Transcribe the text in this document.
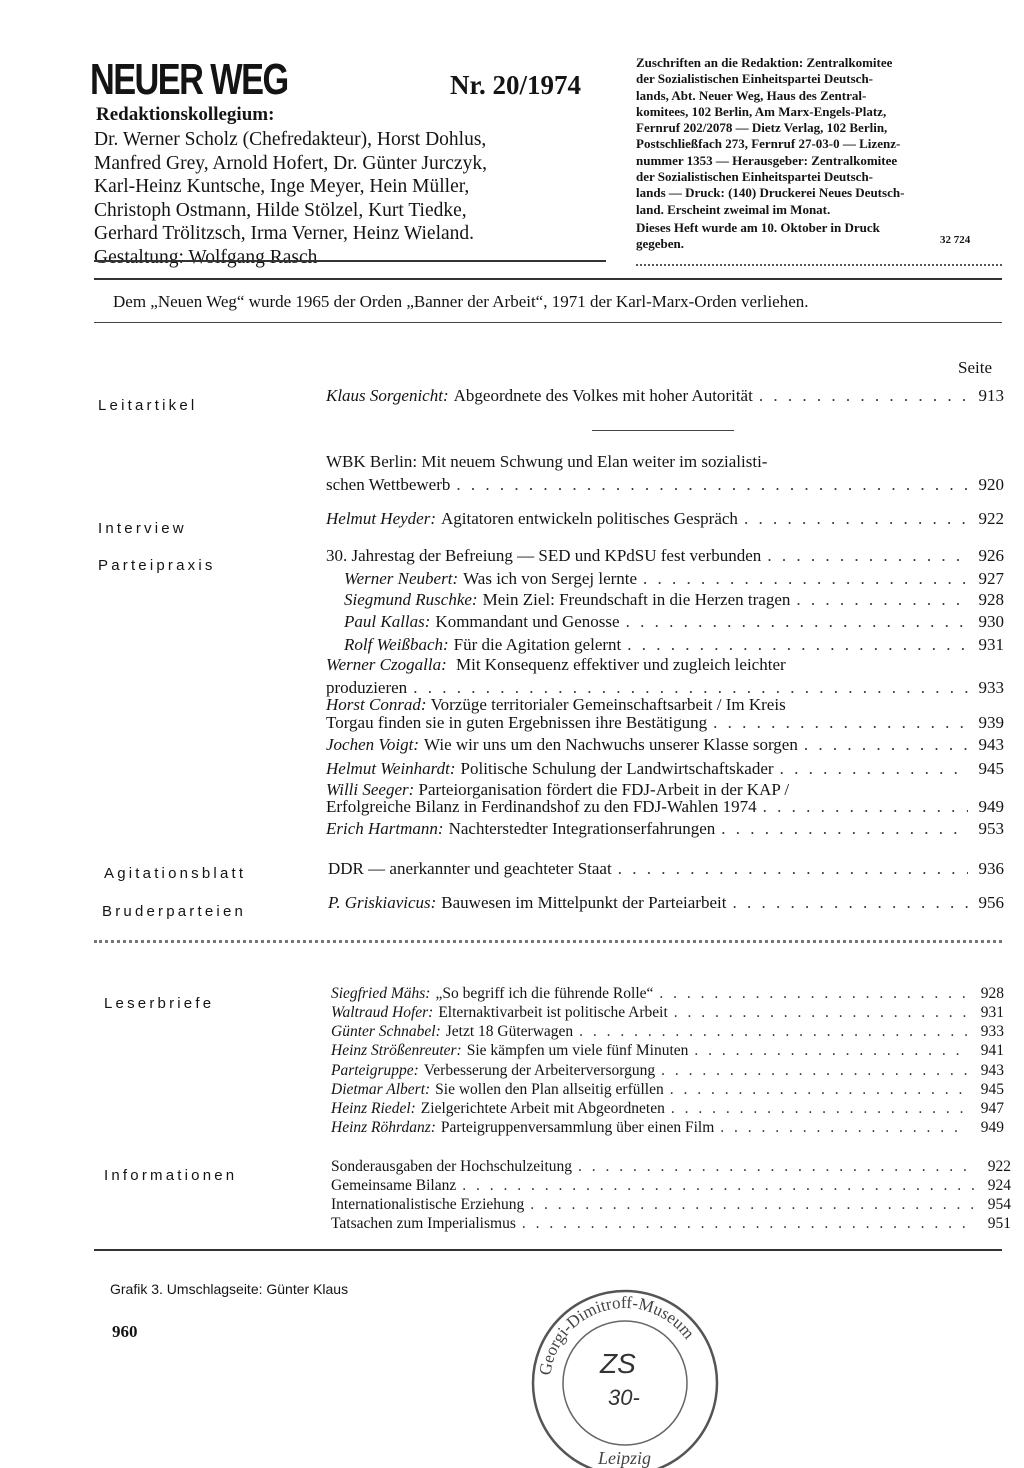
NEUER WEG	Nr. 20/1974
Redaktionskollegium:
Dr. Werner Scholz (Chefredakteur), Horst Dohlus,
Manfred Grey, Arnold Hofert, Dr. Günter Jurczyk,
Karl-Heinz Kuntsche, Inge Meyer, Hein Müller,
Christoph Ostmann, Hilde Stölzel, Kurt Tiedke,
Gerhard Trölitzsch, Irma Verner, Heinz Wieland.
Gestaltung: Wolfgang Rasch
Zuschriften an die Redaktion: Zentralkomitee
der Sozialistischen Einheitspartei Deutsch-
lands, Abt. Neuer Weg, Haus des Zentral-
komitees, 102 Berlin, Am Marx-Engels-Platz,
Fernruf 202/2078 — Dietz Verlag, 102 Berlin,
Postschließfach 273, Fernruf 27-03-0 — Lizenz-
nummer 1353 — Herausgeber: Zentralkomitee
der Sozialistischen Einheitspartei Deutsch-
lands — Druck: (140) Druckerei Neues Deutsch-
land. Erscheint zweimal im Monat.
Dieses Heft wurde am 10. Oktober in Druck
gegeben.	32 724
Dem „Neuen Weg“ wurde 1965 der Orden „Banner der Arbeit“, 1971 der Karl-Marx-Orden verliehen.
Seite
Leitartikel
Klaus Sorgenicht: Abgeordnete des Volkes mit hoher Autorität . . .	913
WBK Berlin: Mit neuem Schwung und Elan weiter im sozialisti-
schen Wettbewerb . . .	920
Interview
Helmut Heyder: Agitatoren entwickeln politisches Gespräch . . .	922
Parteipraxis
30. Jahrestag der Befreiung — SED und KPdSU fest verbunden . . .	926
Werner Neubert: Was ich von Sergej lernte . . .	927
Siegmund Ruschke: Mein Ziel: Freundschaft in die Herzen tragen . . .	928
Paul Kallas: Kommandant und Genosse . . .	930
Rolf Weißbach: Für die Agitation gelernt . . .	931
Werner Czogalla: Mit Konsequenz effektiver und zugleich leichter
produzieren . . .	933
Horst Conrad: Vorzüge territorialer Gemeinschaftsarbeit / Im Kreis
Torgau finden sie in guten Ergebnissen ihre Bestätigung . . .	939
Jochen Voigt: Wie wir uns um den Nachwuchs unserer Klasse sorgen . . .	943
Helmut Weinhardt: Politische Schulung der Landwirtschaftskader . . .	945
Willi Seeger: Parteiorganisation fördert die FDJ-Arbeit in der KAP /
Erfolgreiche Bilanz in Ferdinandshof zu den FDJ-Wahlen 1974 . . .	949
Erich Hartmann: Nachterstedter Integrationserfahrungen . . .	953
Agitationsblatt	DDR — anerkannter und geachteter Staat . . .	936
Bruderparteien	P. Griskiavicus: Bauwesen im Mittelpunkt der Parteiarbeit . . .	956
Leserbriefe
Siegfried Mähs: „So begriff ich die führende Rolle“ . . .	928
Waltraud Hofer: Elternaktivarbeit ist politische Arbeit . . .	931
Günter Schnabel: Jetzt 18 Güterwagen . . .	933
Heinz Strößenreuter: Sie kämpfen um viele fünf Minuten . . .	941
Parteigruppe: Verbesserung der Arbeiterversorgung . . .	943
Dietmar Albert: Sie wollen den Plan allseitig erfüllen . . .	945
Heinz Riedel: Zielgerichtete Arbeit mit Abgeordneten . . .	947
Heinz Röhrdanz: Parteigruppenversammlung über einen Film . . .	949
Informationen
Sonderausgaben der Hochschulzeitung . . .	922
Gemeinsame Bilanz . . .	924
Internationalistische Erziehung . . .	954
Tatsachen zum Imperialismus . . .	951
Grafik 3. Umschlagseite: Günter Klaus
960
Georgi-Dimitroff-Museum
ZS
30-
Leipzig
